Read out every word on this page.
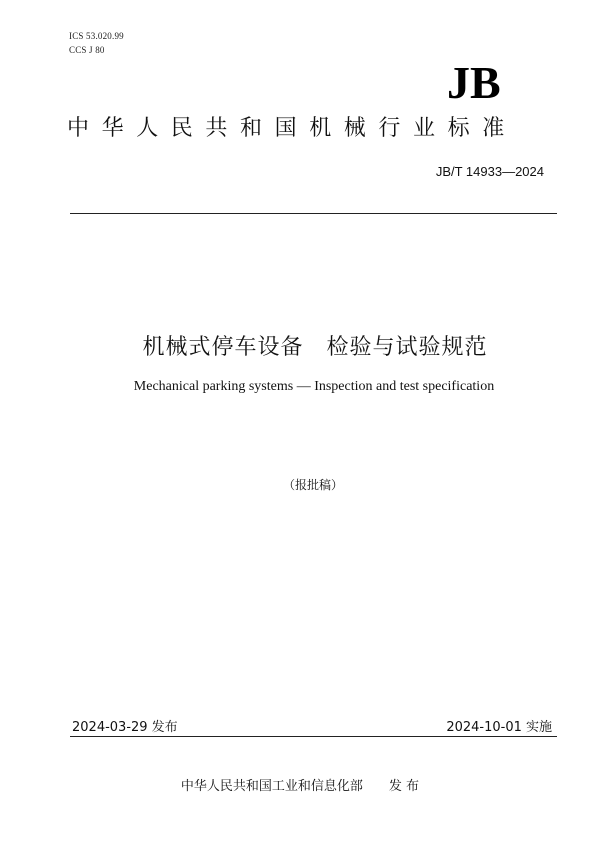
ICS 53.020.99
CCS J 80
JB
中华人民共和国机械行业标准
JB/T 14933—2024
机械式停车设备　检验与试验规范
Mechanical parking systems — Inspection and test specification
（报批稿）
2024-03-29 发布	2024-10-01 实施
中华人民共和国工业和信息化部　　发 布
